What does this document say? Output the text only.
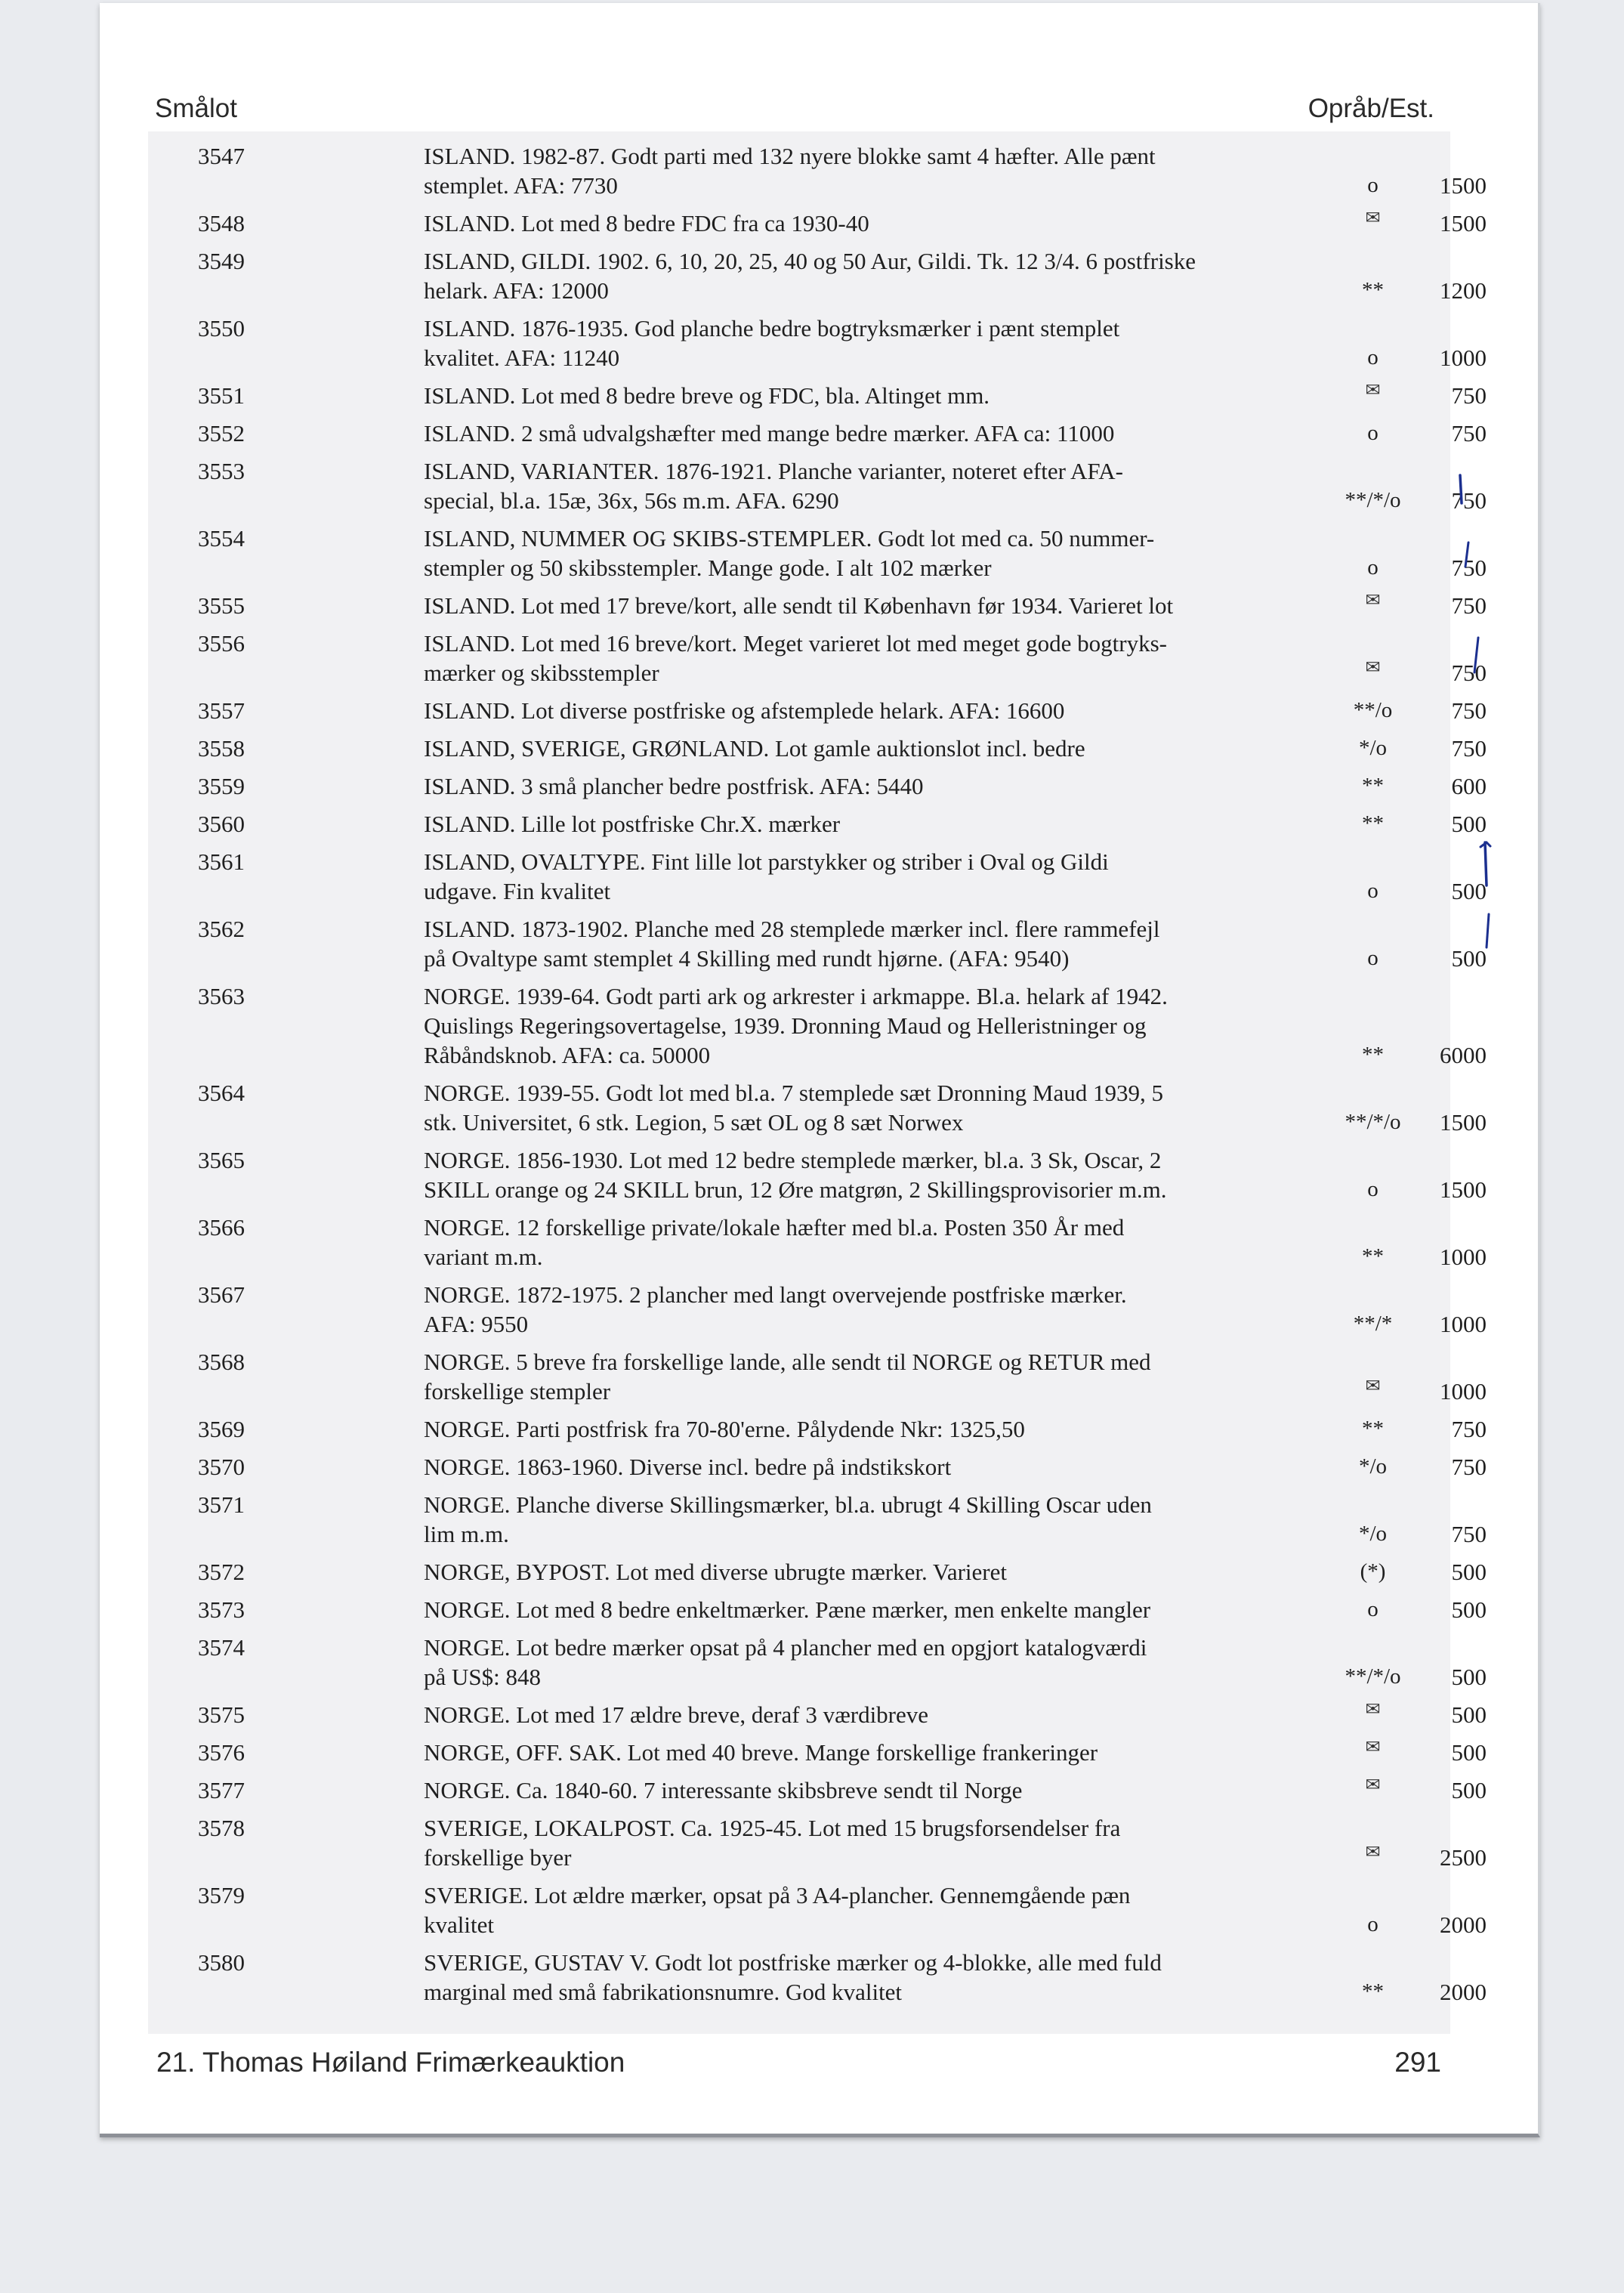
Smålot	Opråb/Est.
3547	ISLAND. 1982-87. Godt parti med 132 nyere blokke samt 4 hæfter. Alle pænt
stemplet. AFA: 7730	o	1500
3548	ISLAND. Lot med 8 bedre FDC fra ca 1930-40	✉	1500
3549	ISLAND, GILDI. 1902. 6, 10, 20, 25, 40 og 50 Aur, Gildi. Tk. 12 3/4. 6 postfriske
helark. AFA: 12000	**	1200
3550	ISLAND. 1876-1935. God planche bedre bogtryksmærker i pænt stemplet
kvalitet. AFA: 11240	o	1000
3551	ISLAND. Lot med 8 bedre breve og FDC, bla. Altinget mm.	✉	750
3552	ISLAND. 2 små udvalgshæfter med mange bedre mærker. AFA ca: 11000	o	750
3553	ISLAND, VARIANTER. 1876-1921. Planche varianter, noteret efter AFA-
special, bl.a. 15æ, 36x, 56s m.m. AFA. 6290	**/*/o	750
3554	ISLAND, NUMMER OG SKIBS-STEMPLER. Godt lot med ca. 50 nummer-
stempler og 50 skibsstempler. Mange gode. I alt 102 mærker	o	750
3555	ISLAND. Lot med 17 breve/kort, alle sendt til København før 1934. Varieret lot	✉	750
3556	ISLAND. Lot med 16 breve/kort. Meget varieret lot med meget gode bogtryks-
mærker og skibsstempler	✉	750
3557	ISLAND. Lot diverse postfriske og afstemplede helark. AFA: 16600	**/o	750
3558	ISLAND, SVERIGE, GRØNLAND. Lot gamle auktionslot incl. bedre	*/o	750
3559	ISLAND. 3 små plancher bedre postfrisk. AFA: 5440	**	600
3560	ISLAND. Lille lot postfriske Chr.X. mærker	**	500
3561	ISLAND, OVALTYPE. Fint lille lot parstykker og striber i Oval og Gildi
udgave. Fin kvalitet	o	500
3562	ISLAND. 1873-1902. Planche med 28 stemplede mærker incl. flere rammefejl
på Ovaltype samt stemplet 4 Skilling med rundt hjørne. (AFA: 9540)	o	500
3563	NORGE. 1939-64. Godt parti ark og arkrester i arkmappe. Bl.a. helark af 1942.
Quislings Regeringsovertagelse, 1939. Dronning Maud og Helleristninger og
Råbåndsknob. AFA: ca. 50000	**	6000
3564	NORGE. 1939-55. Godt lot med bl.a. 7 stemplede sæt Dronning Maud 1939, 5
stk. Universitet, 6 stk. Legion, 5 sæt OL og 8 sæt Norwex	**/*/o	1500
3565	NORGE. 1856-1930. Lot med 12 bedre stemplede mærker, bl.a. 3 Sk, Oscar, 2
SKILL orange og 24 SKILL brun, 12 Øre matgrøn, 2 Skillingsprovisorier m.m.	o	1500
3566	NORGE. 12 forskellige private/lokale hæfter med bl.a. Posten 350 År med
variant m.m.	**	1000
3567	NORGE. 1872-1975. 2 plancher med langt overvejende postfriske mærker.
AFA: 9550	**/*	1000
3568	NORGE. 5 breve fra forskellige lande, alle sendt til NORGE og RETUR med
forskellige stempler	✉	1000
3569	NORGE. Parti postfrisk fra 70-80'erne. Pålydende Nkr: 1325,50	**	750
3570	NORGE. 1863-1960. Diverse incl. bedre på indstikskort	*/o	750
3571	NORGE. Planche diverse Skillingsmærker, bl.a. ubrugt 4 Skilling Oscar uden
lim m.m.	*/o	750
3572	NORGE, BYPOST. Lot med diverse ubrugte mærker. Varieret	(*)	500
3573	NORGE. Lot med 8 bedre enkeltmærker. Pæne mærker, men enkelte mangler	o	500
3574	NORGE. Lot bedre mærker opsat på 4 plancher med en opgjort katalogværdi
på US$: 848	**/*/o	500
3575	NORGE. Lot med 17 ældre breve, deraf 3 værdibreve	✉	500
3576	NORGE, OFF. SAK. Lot med 40 breve. Mange forskellige frankeringer	✉	500
3577	NORGE. Ca. 1840-60. 7 interessante skibsbreve sendt til Norge	✉	500
3578	SVERIGE, LOKALPOST. Ca. 1925-45. Lot med 15 brugsforsendelser fra
forskellige byer	✉	2500
3579	SVERIGE. Lot ældre mærker, opsat på 3 A4-plancher. Gennemgående pæn
kvalitet	o	2000
3580	SVERIGE, GUSTAV V. Godt lot postfriske mærker og 4-blokke, alle med fuld
marginal med små fabrikationsnumre. God kvalitet	**	2000
21. Thomas Høiland Frimærkeauktion	291
